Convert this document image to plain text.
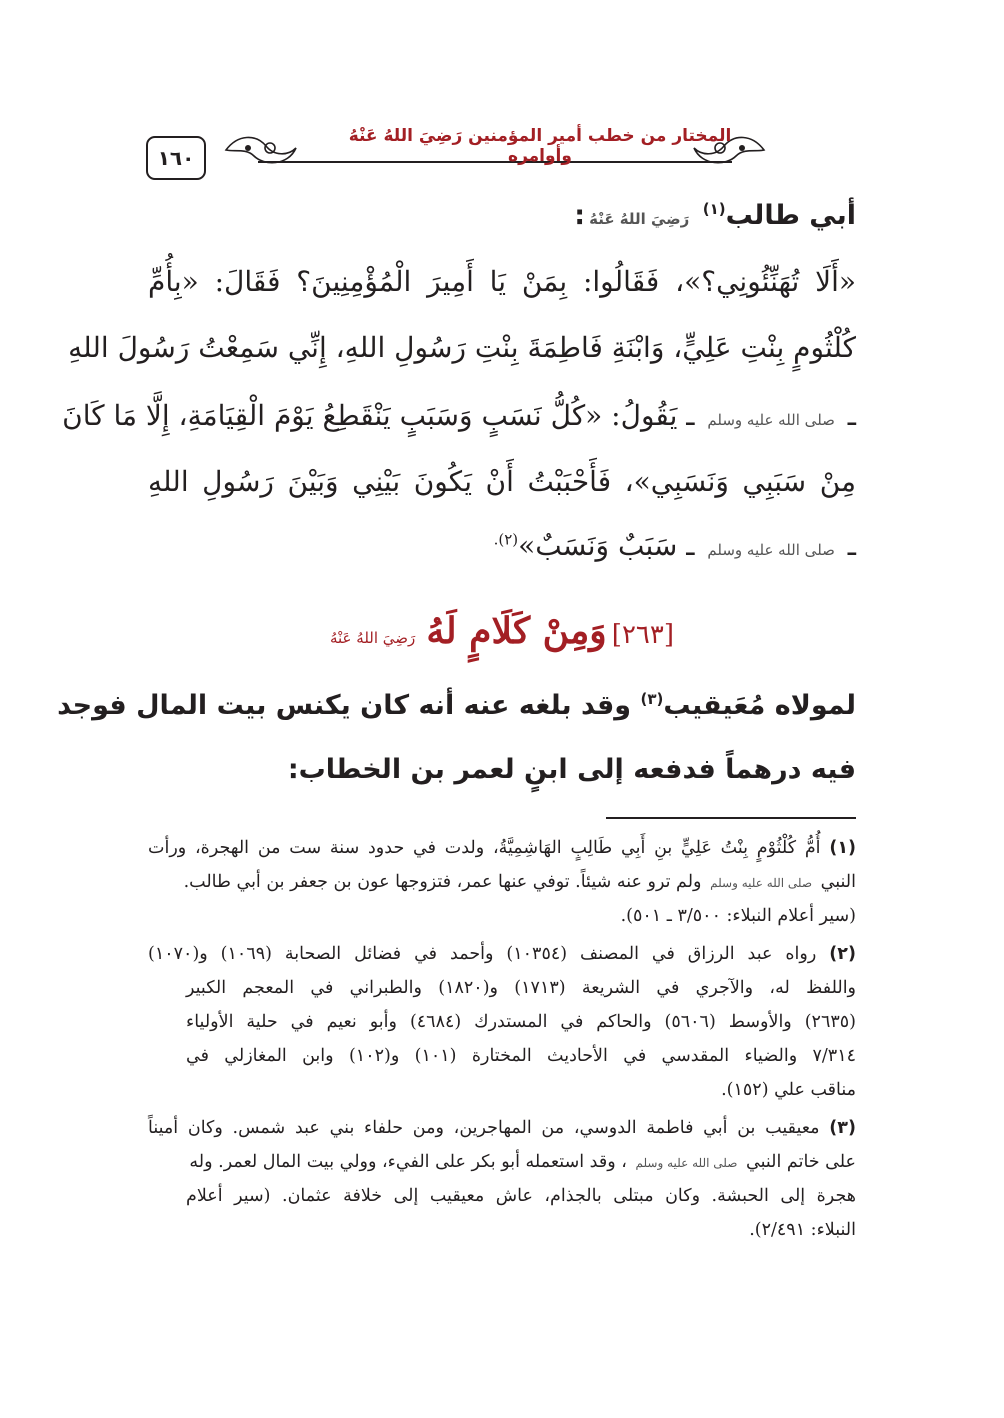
المختار من خطب أمير المؤمنين رَضِيَ اللهُ عَنْهُ وأوامره
١٦٠
أبي طالب$^{(١)}$ رَضِيَ اللهُ عَنْهُ:
«أَلَا تُهَنِّئُونِي؟»، فَقَالُوا: بِمَنْ يَا أَمِيرَ الْمُؤْمِنِينَ؟ فَقَالَ: «بِأُمِّ
كُلْثُومٍ بِنْتِ عَلِيٍّ، وَابْنَةِ فَاطِمَةَ بِنْتِ رَسُولِ اللهِ، إِنِّي سَمِعْتُ رَسُولَ اللهِ
ـ صلى الله عليه وسلم ـ يَقُولُ: «كُلُّ نَسَبٍ وَسَبَبٍ يَنْقَطِعُ يَوْمَ الْقِيَامَةِ، إِلَّا مَا كَانَ
مِنْ سَبَبِي وَنَسَبِي»، فَأَحْبَبْتُ أَنْ يَكُونَ بَيْنِي وَبَيْنَ رَسُولِ اللهِ
ـ صلى الله عليه وسلم ـ سَبَبٌ وَنَسَبٌ»$^{(٢).}$
[٢٦٣] وَمِنْ كَلَامٍ لَهُ رَضِيَ اللهُ عَنْهُ
لمولاه مُعَيقيب$^{(٣)}$ وقد بلغه عنه أنه كان يكنس بيت المال فوجد
فيه درهماً فدفعه إلى ابنٍ لعمر بن الخطاب:
(١) أُمُّ كُلْثُوْمٍ بِنْتُ عَلِيٍّ بنِ أَبِي طَالِبٍ الهَاشِمِيَّةُ، ولدت في حدود سنة ست من الهجرة، ورأت
النبي صلى الله عليه وسلم ولم ترو عنه شيئاً. توفي عنها عمر، فتزوجها عون بن جعفر بن أبي طالب.
(سير أعلام النبلاء: ٣/٥٠٠ ـ ٥٠١).
(٢) رواه عبد الرزاق في المصنف (١٠٣٥٤) وأحمد في فضائل الصحابة (١٠٦٩) و(١٠٧٠)
واللفظ له، والآجري في الشريعة (١٧١٣) و(١٨٢٠) والطبراني في المعجم الكبير
(٢٦٣٥) والأوسط (٥٦٠٦) والحاكم في المستدرك (٤٦٨٤) وأبو نعيم في حلية الأولياء
٧/٣١٤ والضياء المقدسي في الأحاديث المختارة (١٠١) و(١٠٢) وابن المغازلي في
مناقب علي (١٥٢).
(٣) معيقيب بن أبي فاطمة الدوسي، من المهاجرين، ومن حلفاء بني عبد شمس. وكان أميناً
على خاتم النبي صلى الله عليه وسلم ، وقد استعمله أبو بكر على الفيء، وولي بيت المال لعمر. وله
هجرة إلى الحبشة. وكان مبتلى بالجذام، عاش معيقيب إلى خلافة عثمان. (سير أعلام
النبلاء: ٢/٤٩١).
